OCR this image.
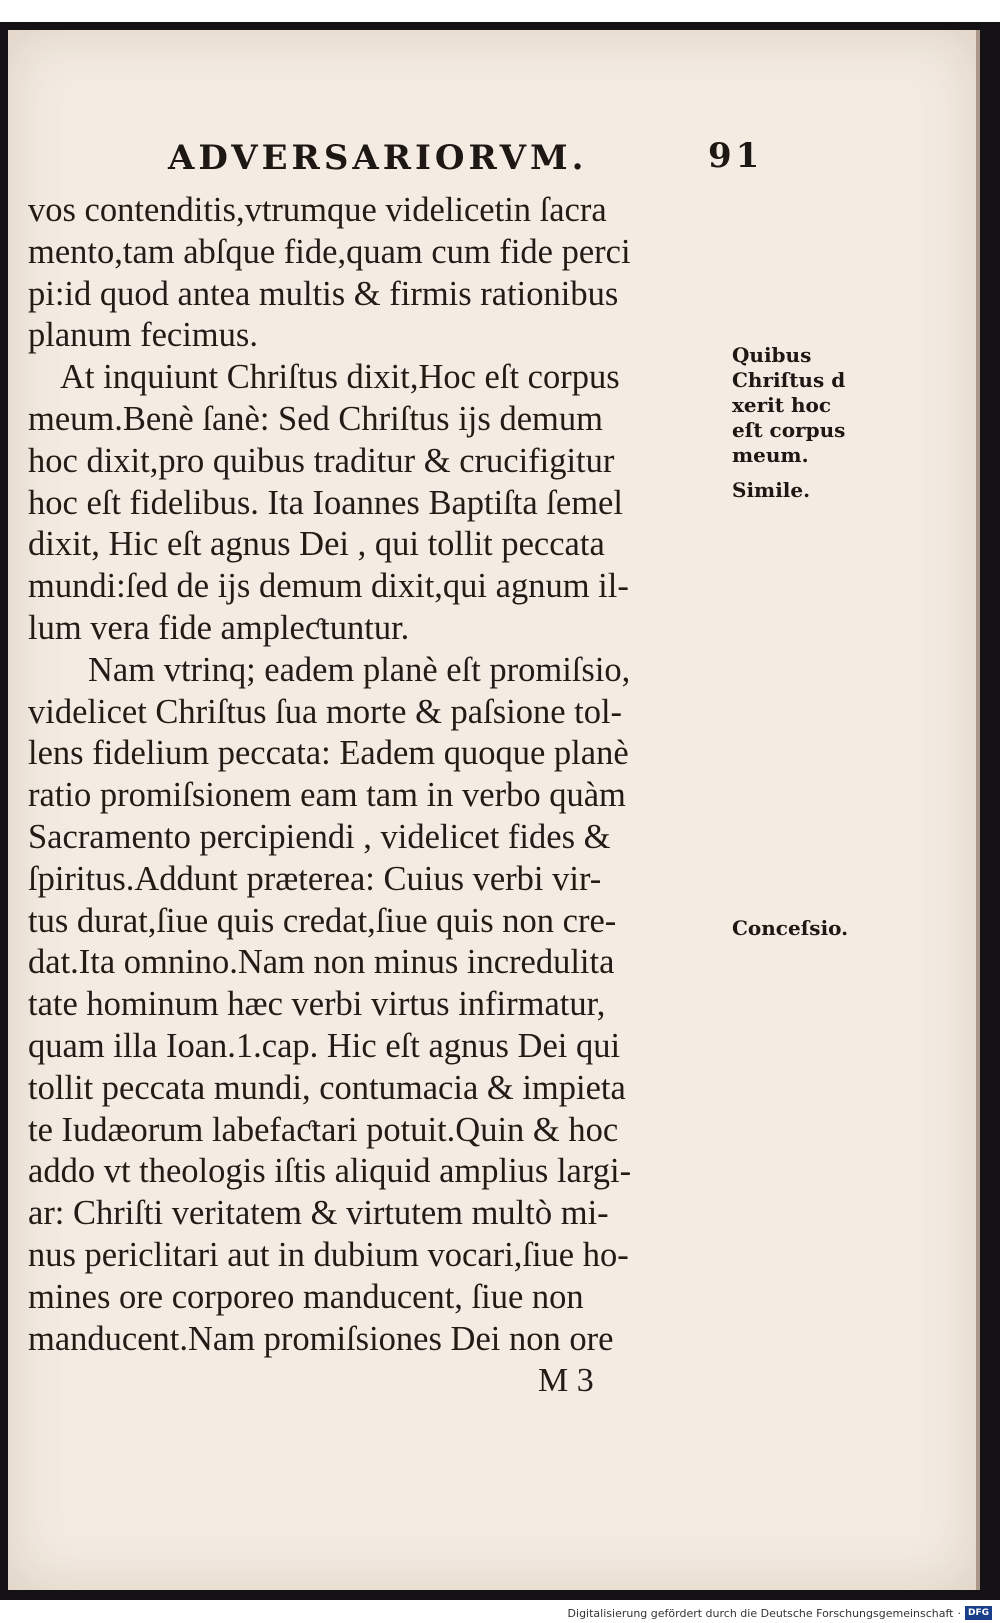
ADVERSARIORVM.	91
vos contenditis,vtrumque videlicetin ſacra
mento,tam abſque fide,quam cum fide perci
pi:id quod antea multis & firmis rationibus
planum fecimus.
At inquiunt Chriſtus dixit,Hoc eſt corpus
meum.Benè ſanè: Sed Chriſtus ijs demum
hoc dixit,pro quibus traditur & crucifigitur
hoc eſt fidelibus. Ita Ioannes Baptiſta ſemel
dixit, Hic eſt agnus Dei , qui tollit peccata
mundi:ſed de ijs demum dixit,qui agnum il-
lum vera fide ampleƈtuntur.
Nam vtrinq; eadem planè eſt promiſsio,
videlicet Chriſtus ſua morte & paſsione tol-
lens fidelium peccata: Eadem quoque planè
ratio promiſsionem eam tam in verbo quàm
Sacramento percipiendi , videlicet fides &
ſpiritus.Addunt præterea: Cuius verbi vir-
tus durat,ſiue quis credat,ſiue quis non cre-
dat.Ita omnino.Nam non minus incredulita
tate hominum hæc verbi virtus infirmatur,
quam illa Ioan.1.cap. Hic eſt agnus Dei qui
tollit peccata mundi, contumacia & impieta
te Iudæorum labefaƈtari potuit.Quin & hoc
addo vt theologis iſtis aliquid amplius largi-
ar: Chriſti veritatem & virtutem multò mi-
nus periclitari aut in dubium vocari,ſiue ho-
mines ore corporeo manducent, ſiue non
manducent.Nam promiſsiones Dei non ore
Quibus
Chriſtus d
xerit hoc
eſt corpus
meum.
Simile.
Conceſsio.
M 3
Digitalisierung gefördert durch die Deutsche Forschungsgemeinschaft · DFG
